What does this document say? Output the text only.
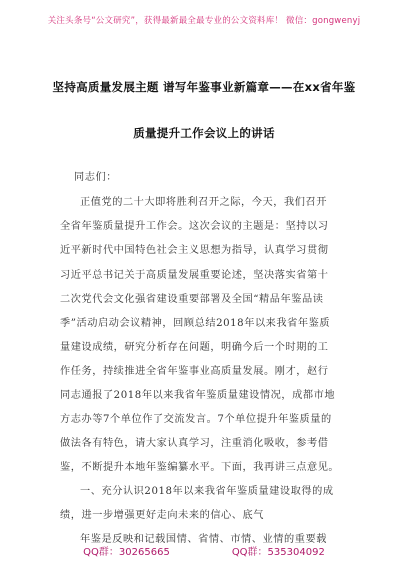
关注头条号“公文研究”，获得最新最全最专业的公文资料库！ 微信：gongwenyj
坚持高质量发展主题 谱写年鉴事业新篇章——在xx省年鉴
质量提升工作会议上的讲话
同志们：
正值党的二十大即将胜利召开之际，今天，我们召开
全省年鉴质量提升工作会。这次会议的主题是：坚持以习
近平新时代中国特色社会主义思想为指导，认真学习贯彻
习近平总书记关于高质量发展重要论述，坚决落实省第十
二次党代会文化强省建设重要部署及全国“精品年鉴品读
季”活动启动会议精神，回顾总结2018年以来我省年鉴质
量建设成绩，研究分析存在问题，明确今后一个时期的工
作任务，持续推进全省年鉴事业高质量发展。刚才，赵行
同志通报了2018年以来我省年鉴质量建设情况，成都市地
方志办等7个单位作了交流发言。7个单位提升年鉴质量的
做法各有特色，请大家认真学习，注重消化吸收，参考借
鉴，不断提升本地年鉴编纂水平。下面，我再讲三点意见。
一、充分认识2018年以来我省年鉴质量建设取得的成
绩，进一步增强更好走向未来的信心、底气
年鉴是反映和记载国情、省情、市情、业情的重要载
QQ群：30265665	QQ群：535304092
